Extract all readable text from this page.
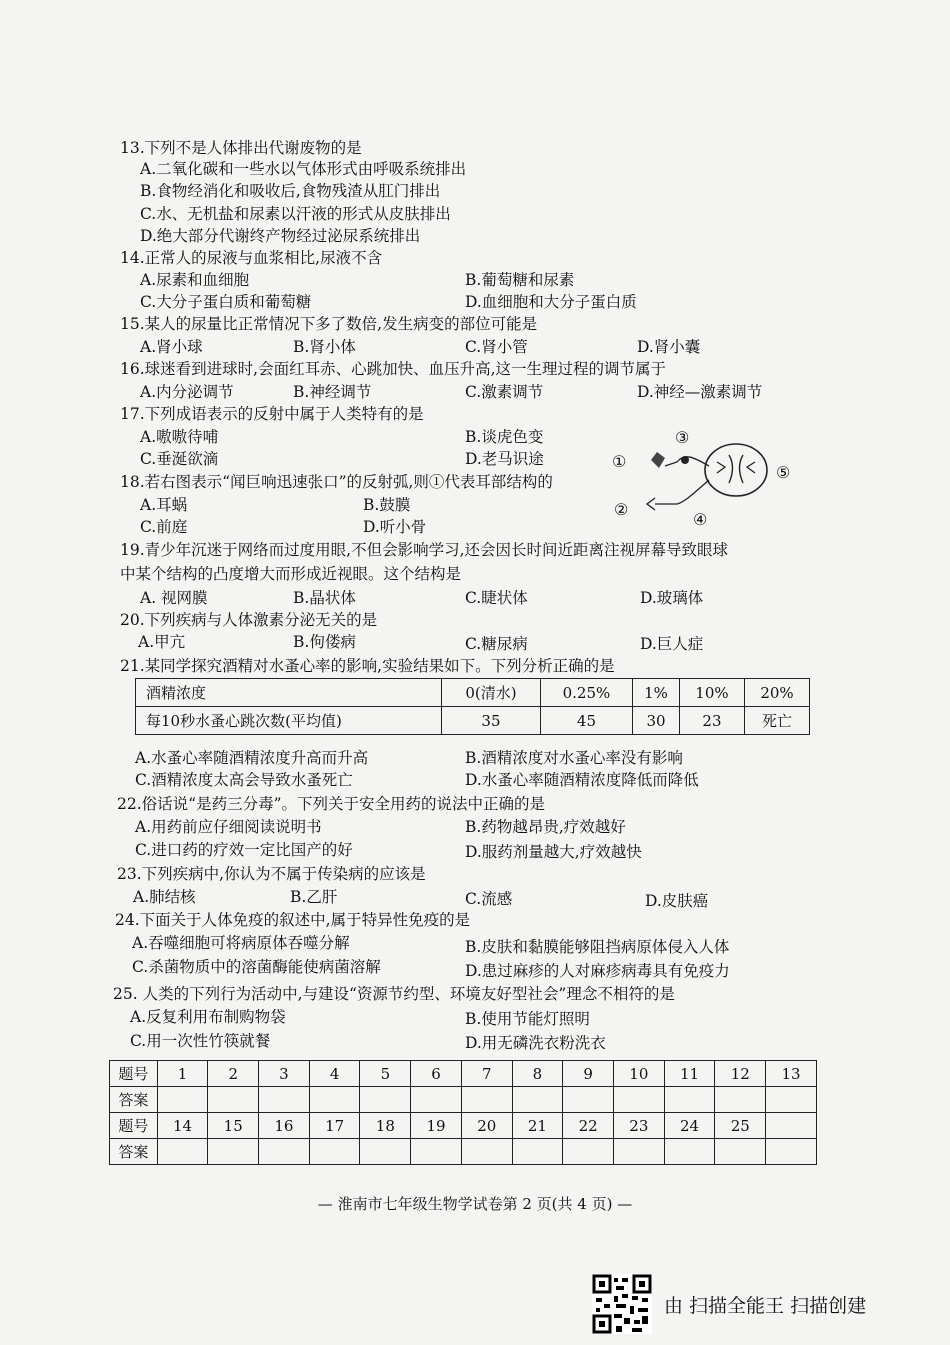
13.下列不是人体排出代谢废物的是
A.二氧化碳和一些水以气体形式由呼吸系统排出
B.食物经消化和吸收后,食物残渣从肛门排出
C.水、无机盐和尿素以汗液的形式从皮肤排出
D.绝大部分代谢终产物经过泌尿系统排出
14.正常人的尿液与血浆相比,尿液不含
A.尿素和血细胞	B.葡萄糖和尿素
C.大分子蛋白质和葡萄糖	D.血细胞和大分子蛋白质
15.某人的尿量比正常情况下多了数倍,发生病变的部位可能是
A.肾小球	B.肾小体	C.肾小管	D.肾小囊
16.球迷看到进球时,会面红耳赤、心跳加快、血压升高,这一生理过程的调节属于
A.内分泌调节	B.神经调节	C.激素调节	D.神经—激素调节
17.下列成语表示的反射中属于人类特有的是
A.嗷嗷待哺	B.谈虎色变
C.垂涎欲滴	D.老马识途	①
②
③
④
⑤
18.若右图表示“闻巨响迅速张口”的反射弧,则①代表耳部结构的
A.耳蜗	B.鼓膜
C.前庭	D.听小骨
19.青少年沉迷于网络而过度用眼,不但会影响学习,还会因长时间近距离注视屏幕导致眼球
中某个结构的凸度增大而形成近视眼。这个结构是
A. 视网膜	B.晶状体	C.睫状体	D.玻璃体
20.下列疾病与人体激素分泌无关的是
A.甲亢	B.佝偻病	C.糖尿病	D.巨人症
21.某同学探究酒精对水蚤心率的影响,实验结果如下。下列分析正确的是
酒精浓度	0(清水)	0.25%	1%	10%	20%
每10秒水蚤心跳次数(平均值)	35	45	30	23	死亡
A.水蚤心率随酒精浓度升高而升高	B.酒精浓度对水蚤心率没有影响
C.酒精浓度太高会导致水蚤死亡	D.水蚤心率随酒精浓度降低而降低
22.俗话说“是药三分毒”。下列关于安全用药的说法中正确的是
A.用药前应仔细阅读说明书	B.药物越昂贵,疗效越好
C.进口药的疗效一定比国产的好	D.服药剂量越大,疗效越快
23.下列疾病中,你认为不属于传染病的应该是
A.肺结核	B.乙肝	C.流感	D.皮肤癌
24.下面关于人体免疫的叙述中,属于特异性免疫的是
A.吞噬细胞可将病原体吞噬分解	B.皮肤和黏膜能够阻挡病原体侵入人体
C.杀菌物质中的溶菌酶能使病菌溶解	D.患过麻疹的人对麻疹病毒具有免疫力
25. 人类的下列行为活动中,与建设“资源节约型、环境友好型社会”理念不相符的是
A.反复利用布制购物袋	B.使用节能灯照明
C.用一次性竹筷就餐	D.用无磷洗衣粉洗衣
题号	1	2	3	4	5	6	7	8	9	10	11	12	13
答案													
题号	14	15	16	17	18	19	20	21	22	23	24	25	
答案													
— 淮南市七年级生物学试卷第 2 页(共 4 页) —
由 扫描全能王 扫描创建
